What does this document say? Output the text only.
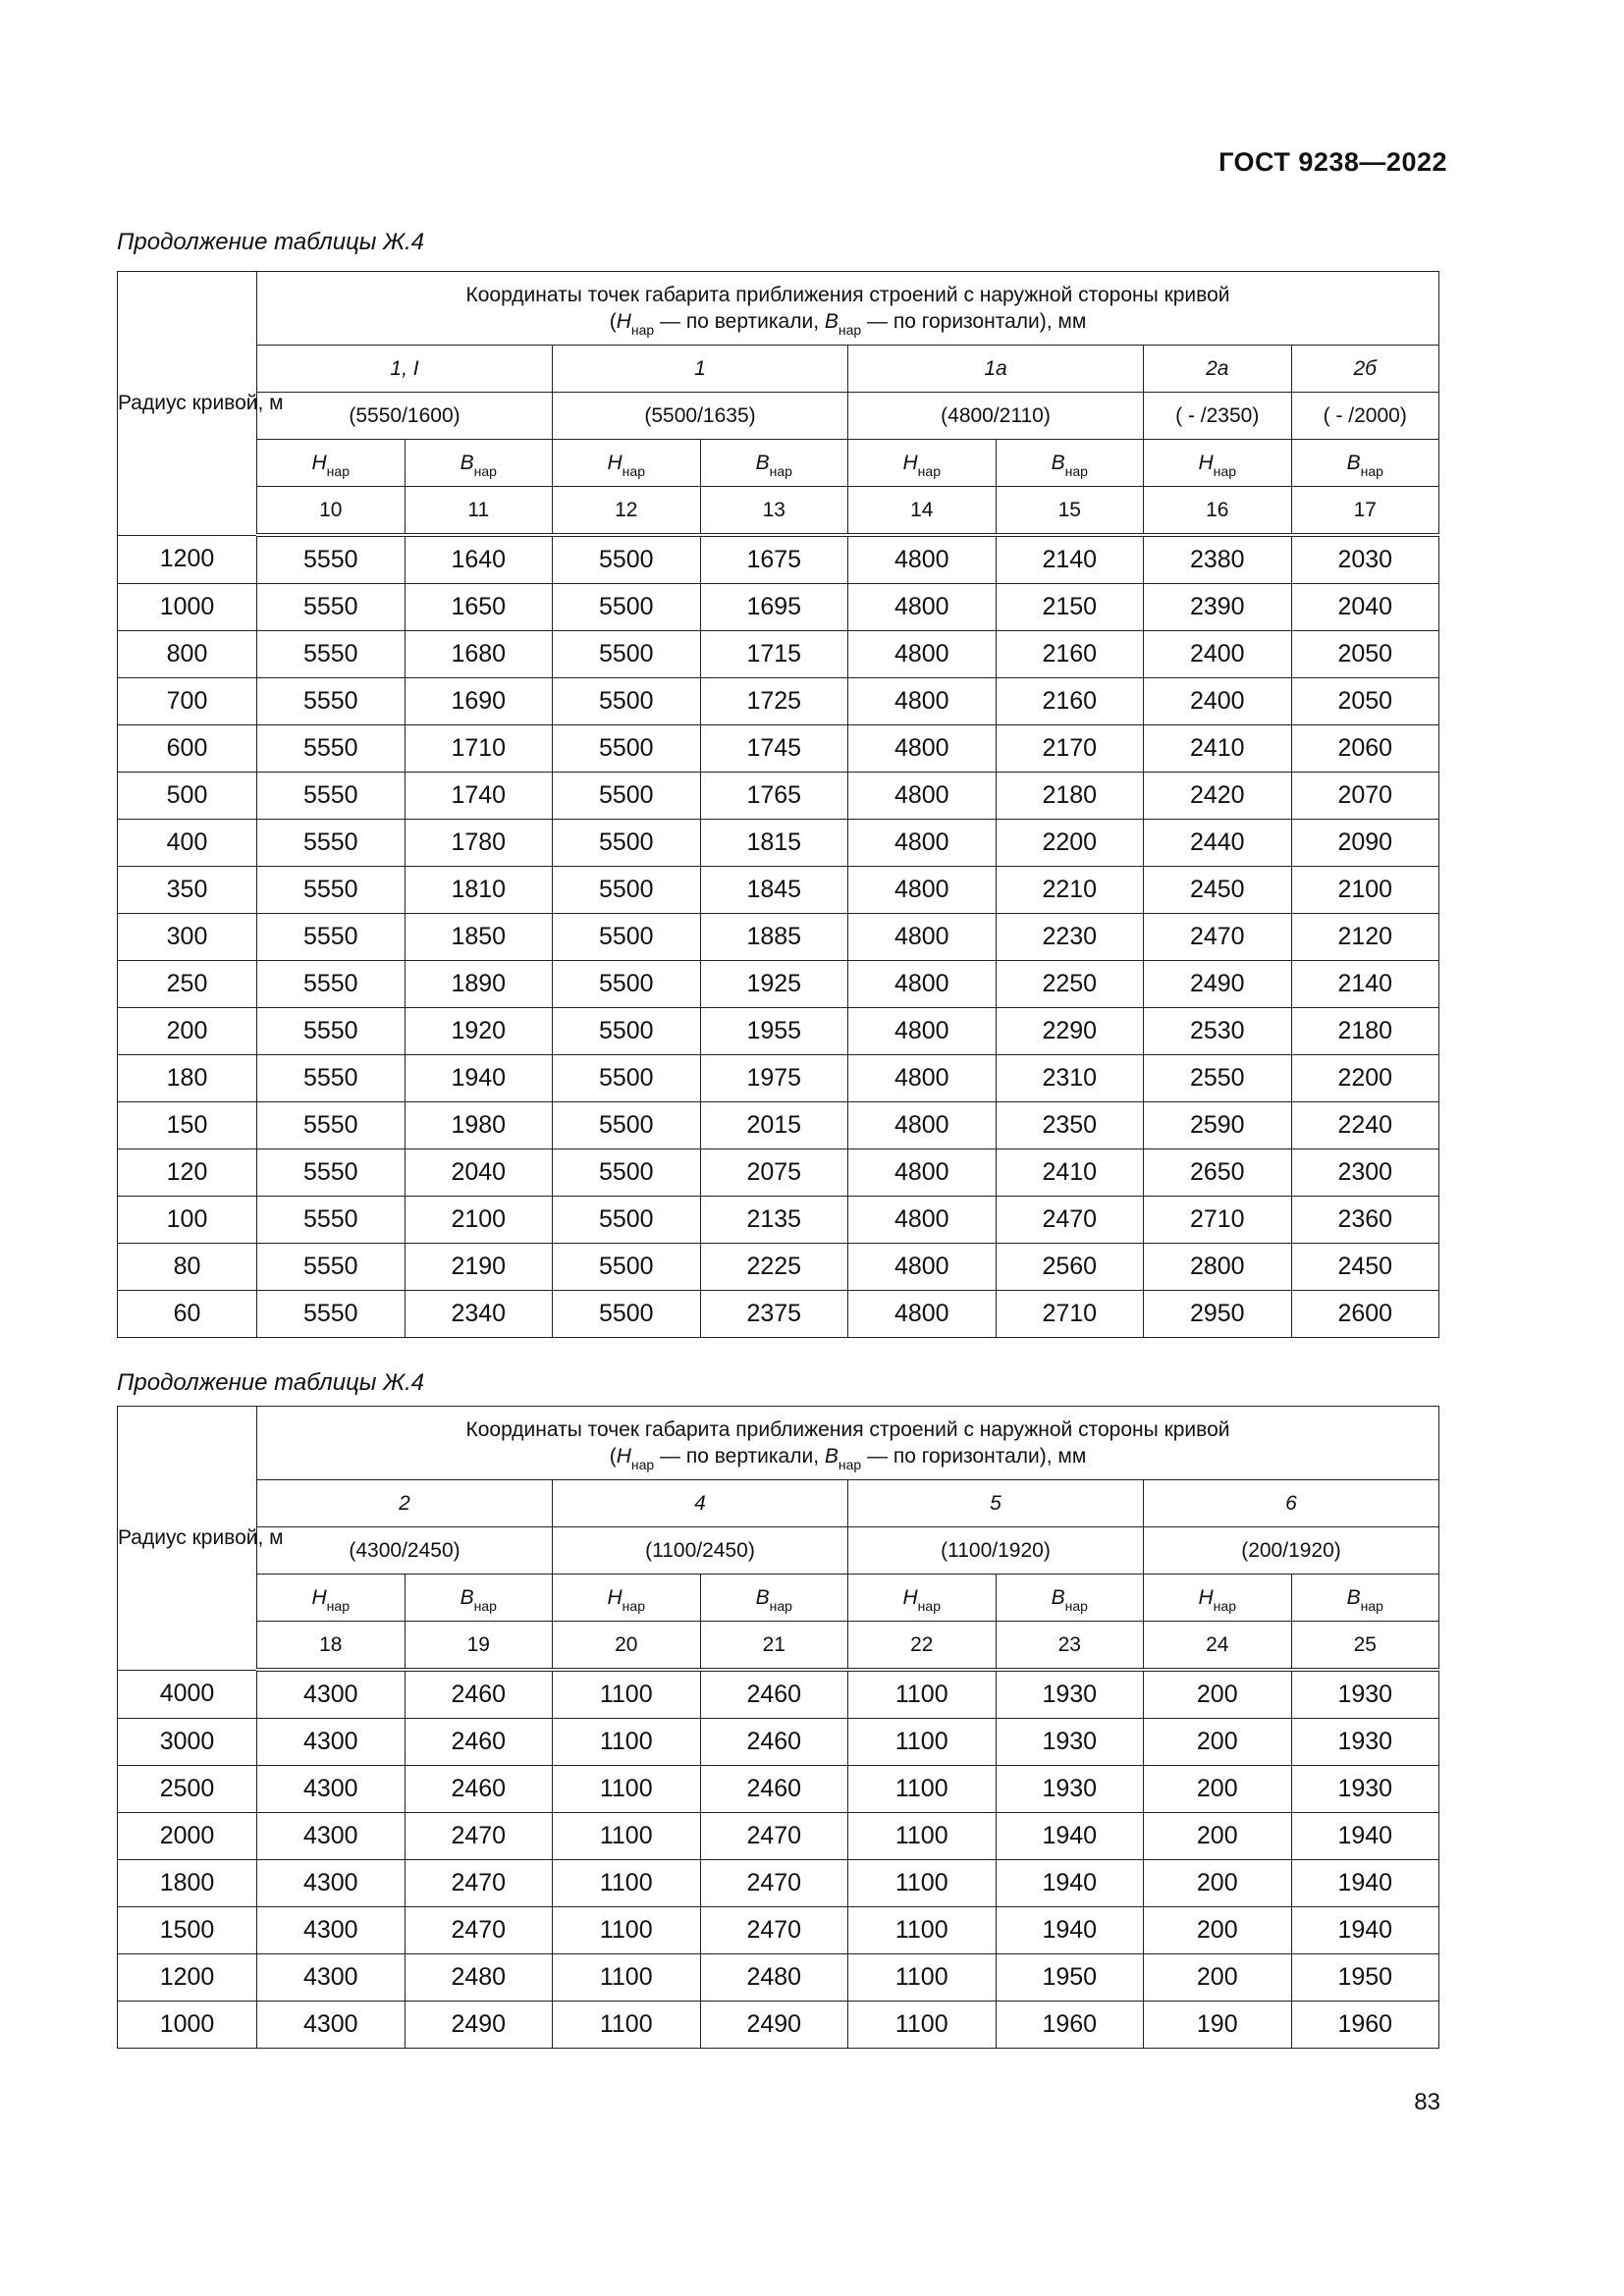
ГОСТ 9238—2022
Продолжение таблицы Ж.4
Радиус кривой, м	Координаты точек габарита приближения строений с наружной стороны кривой
($H_{нар}$ — по вертикали, $B_{нар}$ — по горизонтали), мм							

	1, I		1		1а		2а	2б
	(5550/1600)		(5500/1635)		(4800/2110)		( - /2350)	( - /2000)
	$H_{нар}$	$B_{нар}$	$H_{нар}$	$B_{нар}$	$H_{нар}$	$B_{нар}$	$H_{нар}$	$B_{нар}$
	10	11	12	13	14	15	16	17
1200	5550	1640	5500	1675	4800	2140	2380	2030
1000	5550	1650	5500	1695	4800	2150	2390	2040
800	5550	1680	5500	1715	4800	2160	2400	2050
700	5550	1690	5500	1725	4800	2160	2400	2050
600	5550	1710	5500	1745	4800	2170	2410	2060
500	5550	1740	5500	1765	4800	2180	2420	2070
400	5550	1780	5500	1815	4800	2200	2440	2090
350	5550	1810	5500	1845	4800	2210	2450	2100
300	5550	1850	5500	1885	4800	2230	2470	2120
250	5550	1890	5500	1925	4800	2250	2490	2140
200	5550	1920	5500	1955	4800	2290	2530	2180
180	5550	1940	5500	1975	4800	2310	2550	2200
150	5550	1980	5500	2015	4800	2350	2590	2240
120	5550	2040	5500	2075	4800	2410	2650	2300
100	5550	2100	5500	2135	4800	2470	2710	2360
80	5550	2190	5500	2225	4800	2560	2800	2450
60	5550	2340	5500	2375	4800	2710	2950	2600
Продолжение таблицы Ж.4
Радиус кривой, м	Координаты точек габарита приближения строений с наружной стороны кривой
($H_{нар}$ — по вертикали, $B_{нар}$ — по горизонтали), мм							

	2		4		5		6	
	(4300/2450)		(1100/2450)		(1100/1920)		(200/1920)	
	$H_{нар}$	$B_{нар}$	$H_{нар}$	$B_{нар}$	$H_{нар}$	$B_{нар}$	$H_{нар}$	$B_{нар}$
	18	19	20	21	22	23	24	25
4000	4300	2460	1100	2460	1100	1930	200	1930
3000	4300	2460	1100	2460	1100	1930	200	1930
2500	4300	2460	1100	2460	1100	1930	200	1930
2000	4300	2470	1100	2470	1100	1940	200	1940
1800	4300	2470	1100	2470	1100	1940	200	1940
1500	4300	2470	1100	2470	1100	1940	200	1940
1200	4300	2480	1100	2480	1100	1950	200	1950
1000	4300	2490	1100	2490	1100	1960	190	1960
83
